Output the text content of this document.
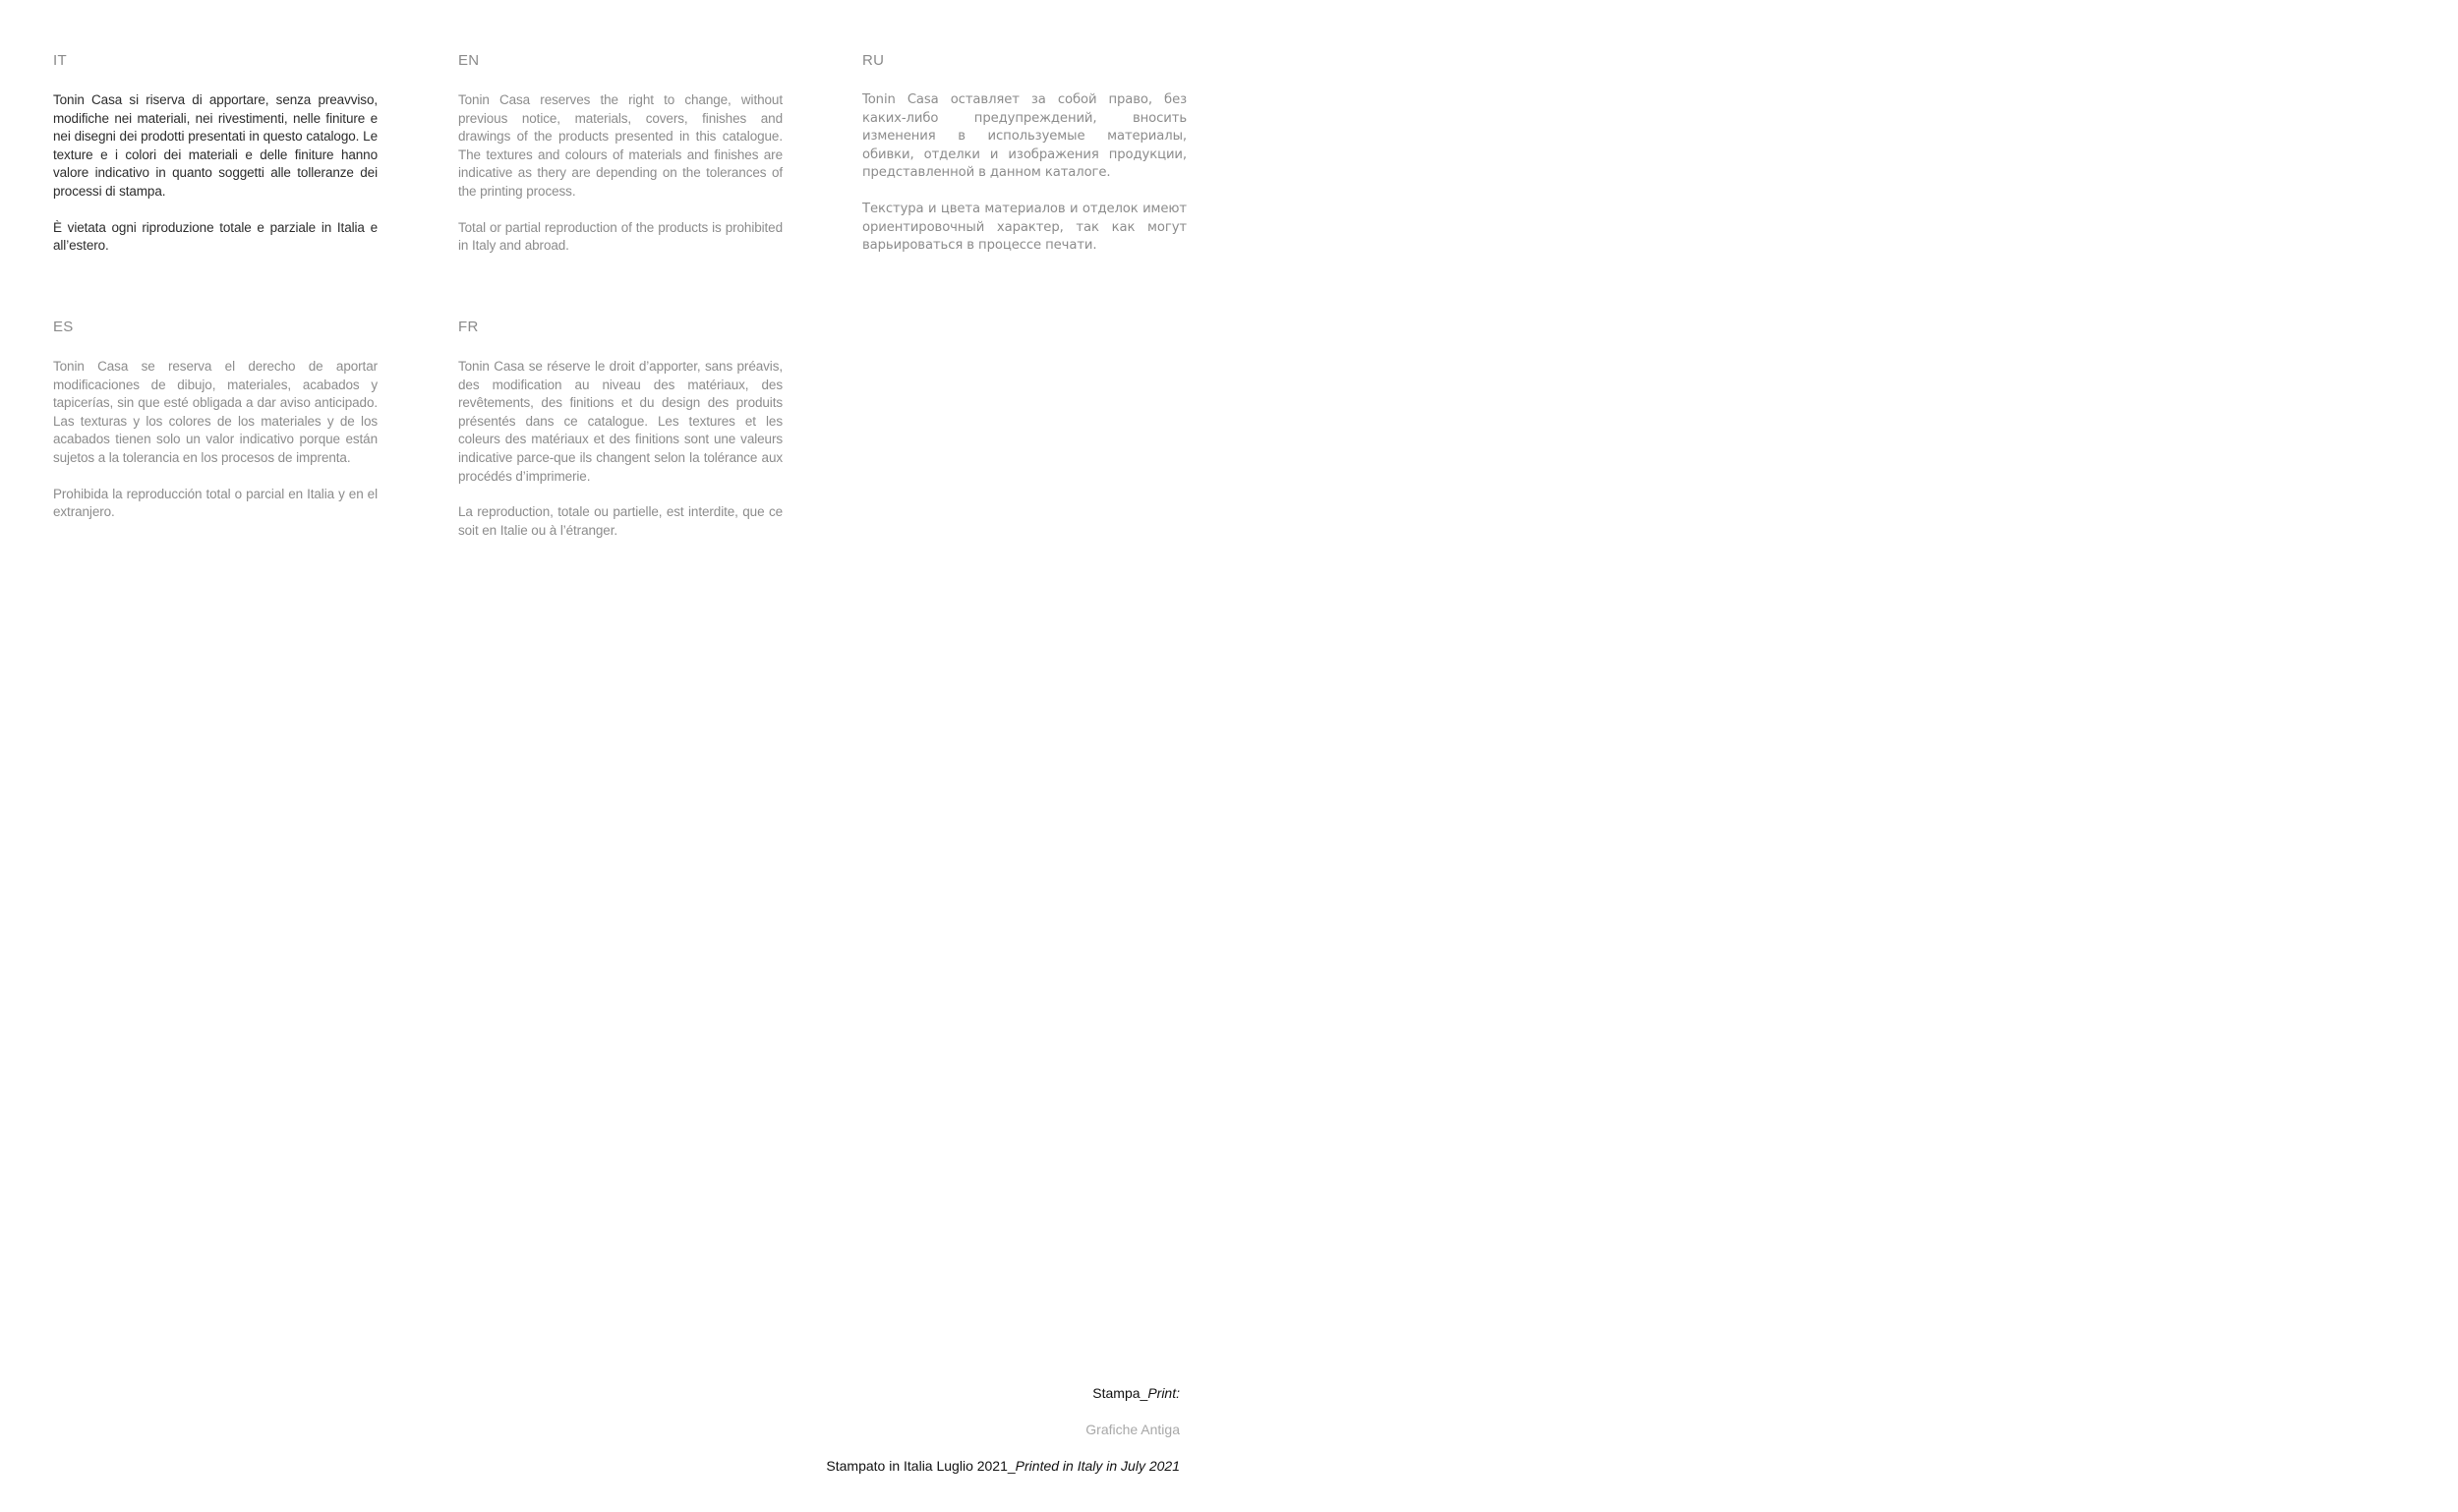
IT

Tonin Casa si riserva di apportare, senza preavviso, modifiche nei materiali, nei rivestimenti, nelle finiture e nei disegni dei prodotti presentati in questo catalogo. Le texture e i colori dei materiali e delle finiture hanno valore indicativo in quanto soggetti alle tolleranze dei processi di stampa.

È vietata ogni riproduzione totale e parziale in Italia e all’estero.

EN

Tonin Casa reserves the right to change, without previous notice, materials, covers, finishes and drawings of the products presented in this catalogue. The textures and colours of materials and finishes are indicative as thery are depending on the tolerances of the printing process.

Total or partial reproduction of the products is prohibited in Italy and abroad.

RU

Tonin Casa оставляет за собой право, без каких-либо предупреждений, вносить изменения в используемые материалы, обивки, отделки и изображения продукции, представленной в данном каталоге.

Текстура и цвета материалов и отделок имеют ориентировочный характер, так как могут варьироваться в процессе печати.

ES

Tonin Casa se reserva el derecho de aportar modificaciones de dibujo, materiales, acabados y tapicerías, sin que esté obligada a dar aviso anticipado. Las texturas y los colores de los materiales y de los acabados tienen solo un valor indicativo porque están sujetos a la tolerancia en los procesos de imprenta.

Prohibida la reproducción total o parcial en Italia y en el extranjero.

FR

Tonin Casa se réserve le droit d’apporter, sans préavis, des modification au niveau des matériaux, des revêtements, des finitions et du design des produits présentés dans ce catalogue. Les textures et les coleurs des matériaux et des finitions sont une valeurs indicative parce-que ils changent selon la tolérance aux procédés d’imprimerie.

La reproduction, totale ou partielle, est interdite, que ce soit en Italie ou à l’étranger.

Stampa_Print:
Grafiche Antiga
Stampato in Italia Luglio 2021_Printed in Italy in July 2021
